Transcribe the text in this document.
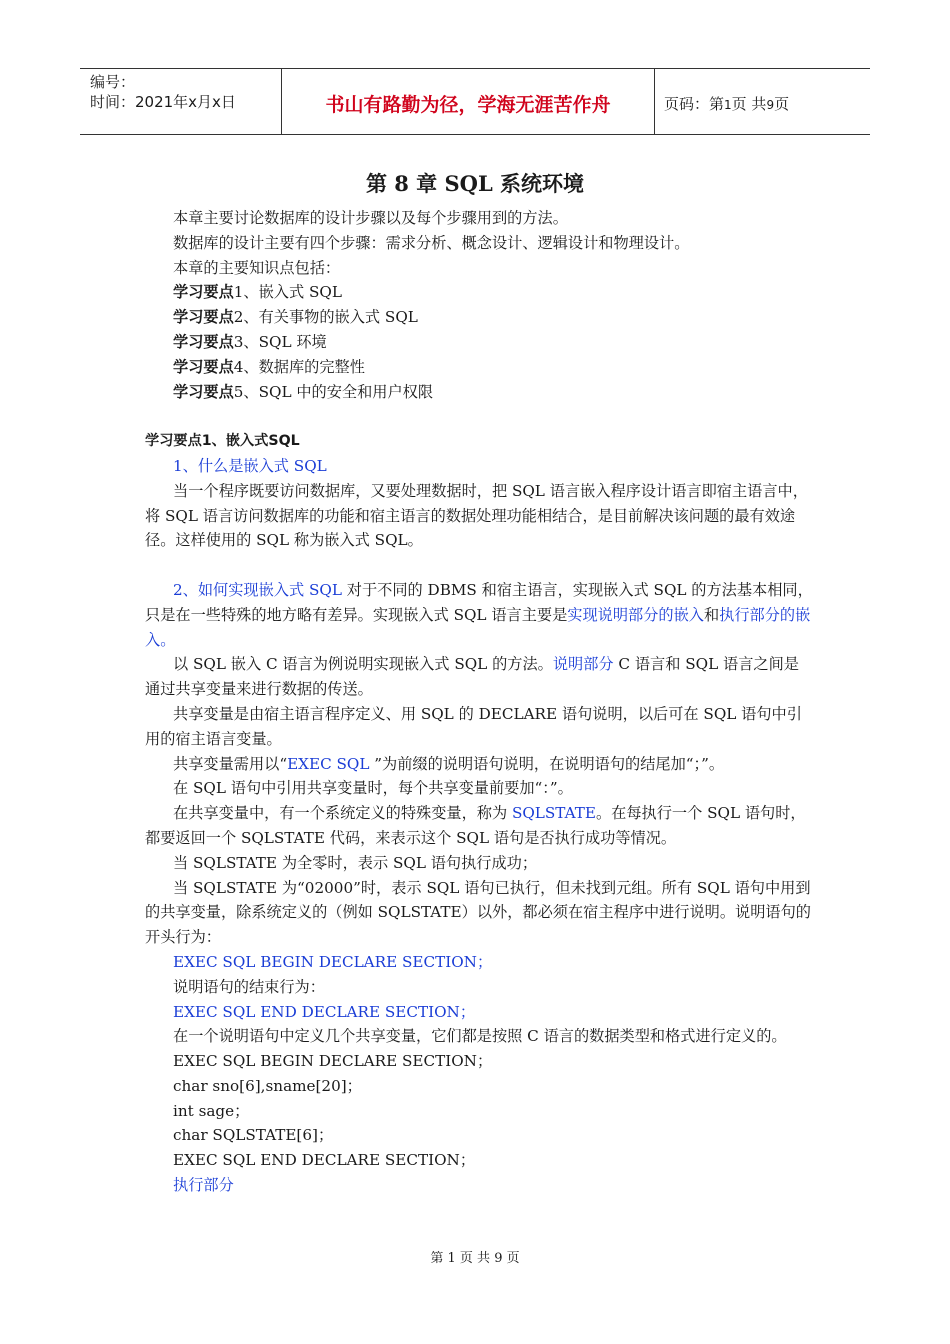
编号：
时间：2021年x月x日	书山有路勤为径，学海无涯苦作舟	页码：第1页 共9页
第 8 章 SQL 系统环境

本章主要讨论数据库的设计步骤以及每个步骤用到的方法。

数据库的设计主要有四个步骤：需求分析、概念设计、逻辑设计和物理设计。

本章的主要知识点包括：

学习要点1、嵌入式 SQL

学习要点2、有关事物的嵌入式 SQL

学习要点3、SQL 环境

学习要点4、数据库的完整性

学习要点5、SQL 中的安全和用户权限

学习要点1、嵌入式SQL

1、什么是嵌入式 SQL

当一个程序既要访问数据库，又要处理数据时，把 SQL 语言嵌入程序设计语言即宿主语言中，将 SQL 语言访问数据库的功能和宿主语言的数据处理功能相结合，是目前解决该问题的最有效途径。这样使用的 SQL 称为嵌入式 SQL。

2、如何实现嵌入式 SQL 对于不同的 DBMS 和宿主语言，实现嵌入式 SQL 的方法基本相同，只是在一些特殊的地方略有差异。实现嵌入式 SQL 语言主要是实现说明部分的嵌入和执行部分的嵌入。

以 SQL 嵌入 C 语言为例说明实现嵌入式 SQL 的方法。说明部分 C 语言和 SQL 语言之间是通过共享变量来进行数据的传送。

共享变量是由宿主语言程序定义、用 SQL 的 DECLARE 语句说明，以后可在 SQL 语句中引用的宿主语言变量。

共享变量需用以“EXEC SQL ”为前缀的说明语句说明，在说明语句的结尾加“；”。

在 SQL 语句中引用共享变量时，每个共享变量前要加“：”。

在共享变量中，有一个系统定义的特殊变量，称为 SQLSTATE。在每执行一个 SQL 语句时，都要返回一个 SQLSTATE 代码，来表示这个 SQL 语句是否执行成功等情况。

当 SQLSTATE 为全零时，表示 SQL 语句执行成功；

当 SQLSTATE 为“02000”时，表示 SQL 语句已执行，但未找到元组。所有 SQL 语句中用到的共享变量，除系统定义的（例如 SQLSTATE）以外，都必须在宿主程序中进行说明。说明语句的开头行为：

EXEC SQL BEGIN DECLARE SECTION；

说明语句的结束行为：

EXEC SQL END DECLARE SECTION；

在一个说明语句中定义几个共享变量，它们都是按照 C 语言的数据类型和格式进行定义的。

EXEC SQL BEGIN DECLARE SECTION；

char sno[6],sname[20]；

int sage；

char SQLSTATE[6]；

EXEC SQL END DECLARE SECTION；

执行部分

第 1 页 共 9 页
